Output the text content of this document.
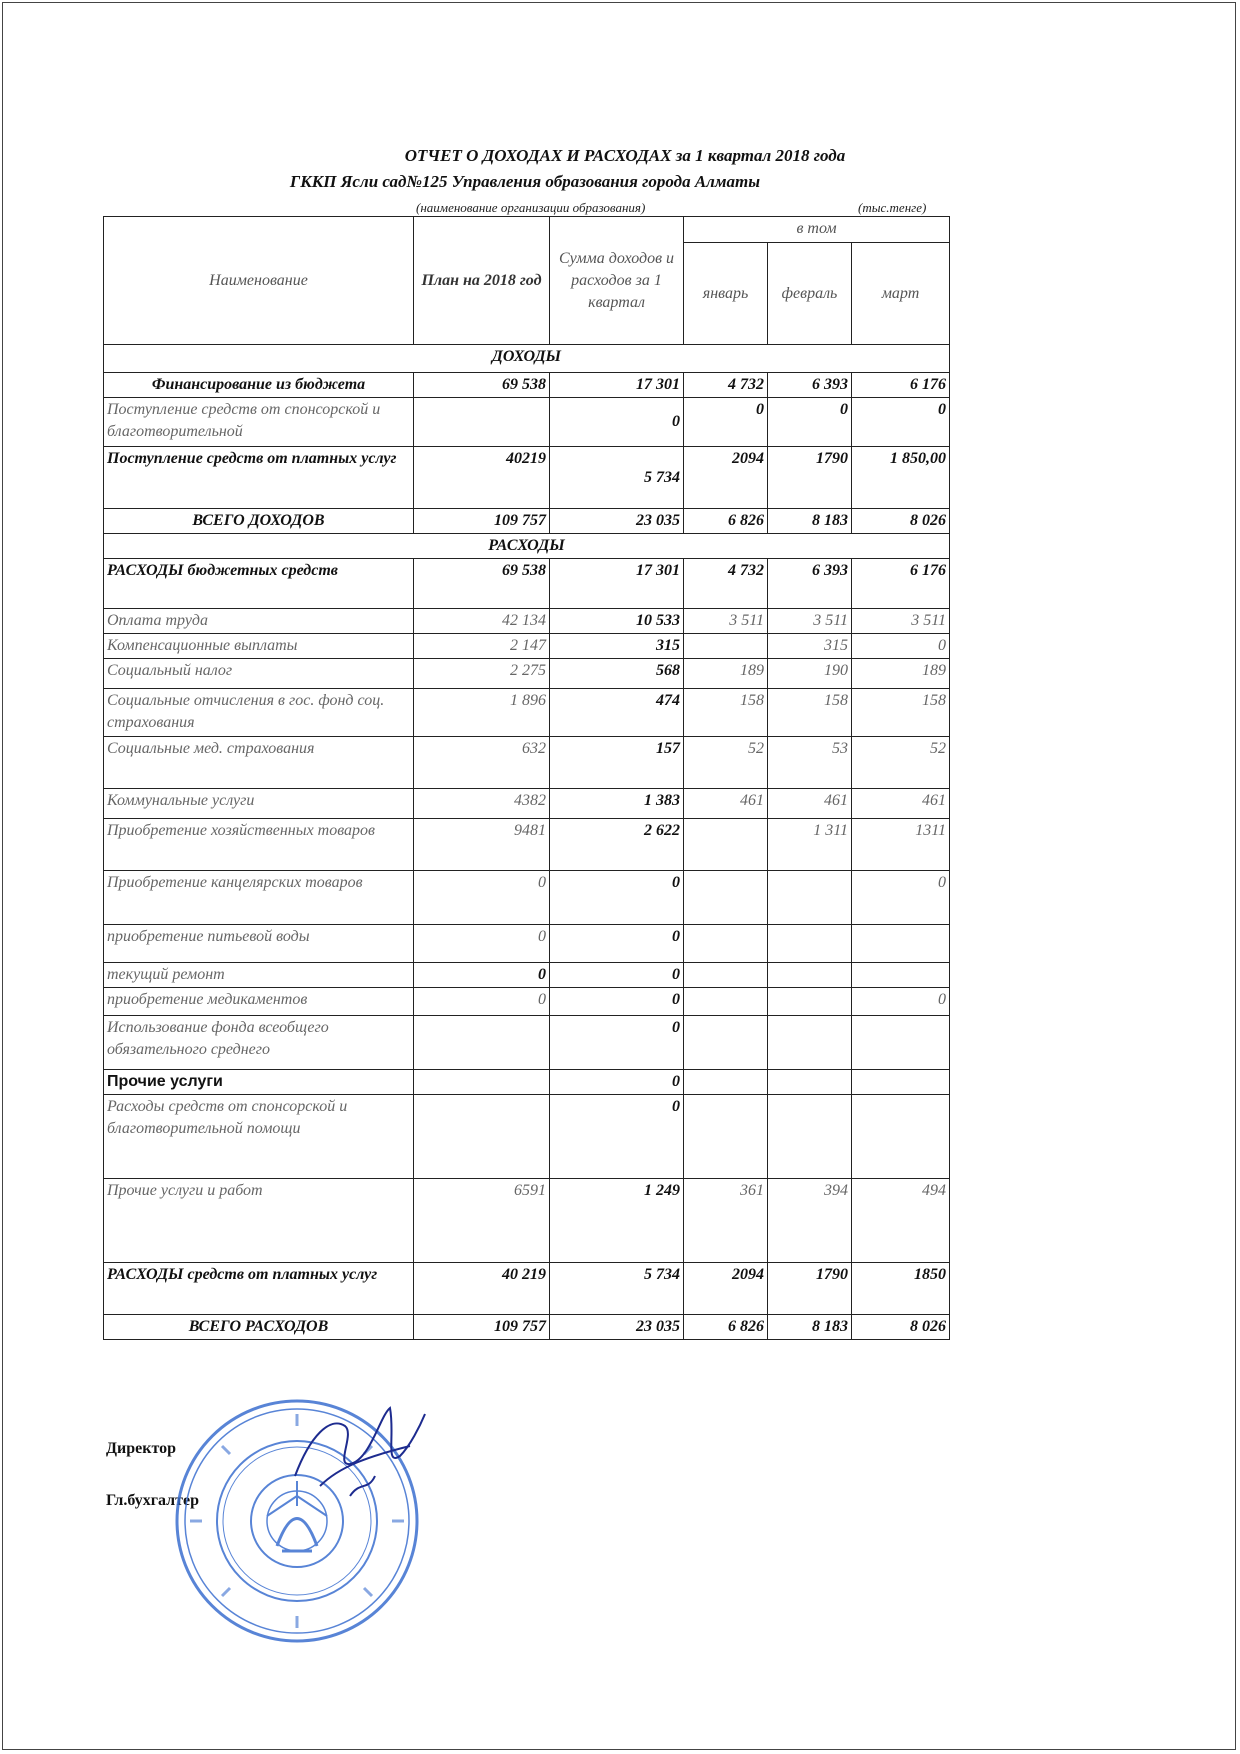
ОТЧЕТ О ДОХОДАХ И РАСХОДАХ за 1 квартал 2018 года
ГККП Ясли сад№125 Управления образования города Алматы
(наименование организации образования)	(тыс.тенге)
Наименование	План на 2018 год	Сумма доходов и расходов за 1 квартал	в том		
			январь	февраль	март
ДОХОДЫ					
Финансирование из бюджета	69 538	17 301	4 732	6 393	6 176
Поступление средств от спонсорской и благотворительной		0	0	0	0
Поступление средств от платных услуг	40219	5 734	2094	1790	1 850,00
ВСЕГО ДОХОДОВ	109 757	23 035	6 826	8 183	8 026
РАСХОДЫ					
РАСХОДЫ бюджетных средств	69 538	17 301	4 732	6 393	6 176
Оплата труда	42 134	10 533	3 511	3 511	3 511
Компенсационные выплаты	2 147	315		315	0
Социальный налог	2 275	568	189	190	189
Социальные отчисления в гос. фонд соц. страхования	1 896	474	158	158	158
Социальные мед. страхования	632	157	52	53	52
Коммунальные услуги	4382	1 383	461	461	461
Приобретение хозяйственных товаров	9481	2 622		1 311	1311
Приобретение канцелярских товаров	0	0			0
приобретение питьевой воды	0	0			
текущий ремонт	0	0			
приобретение медикаментов	0	0			0
Использование фонда всеобщего обязательного среднего		0			
Прочие услуги		0			
Расходы средств от спонсорской и благотворительной помощи		0			
Прочие услуги и работ	6591	1 249	361	394	494
РАСХОДЫ средств от платных услуг	40 219	5 734	2094	1790	1850
ВСЕГО РАСХОДОВ	109 757	23 035	6 826	8 183	8 026
Директор
Гл.бухгалтер
